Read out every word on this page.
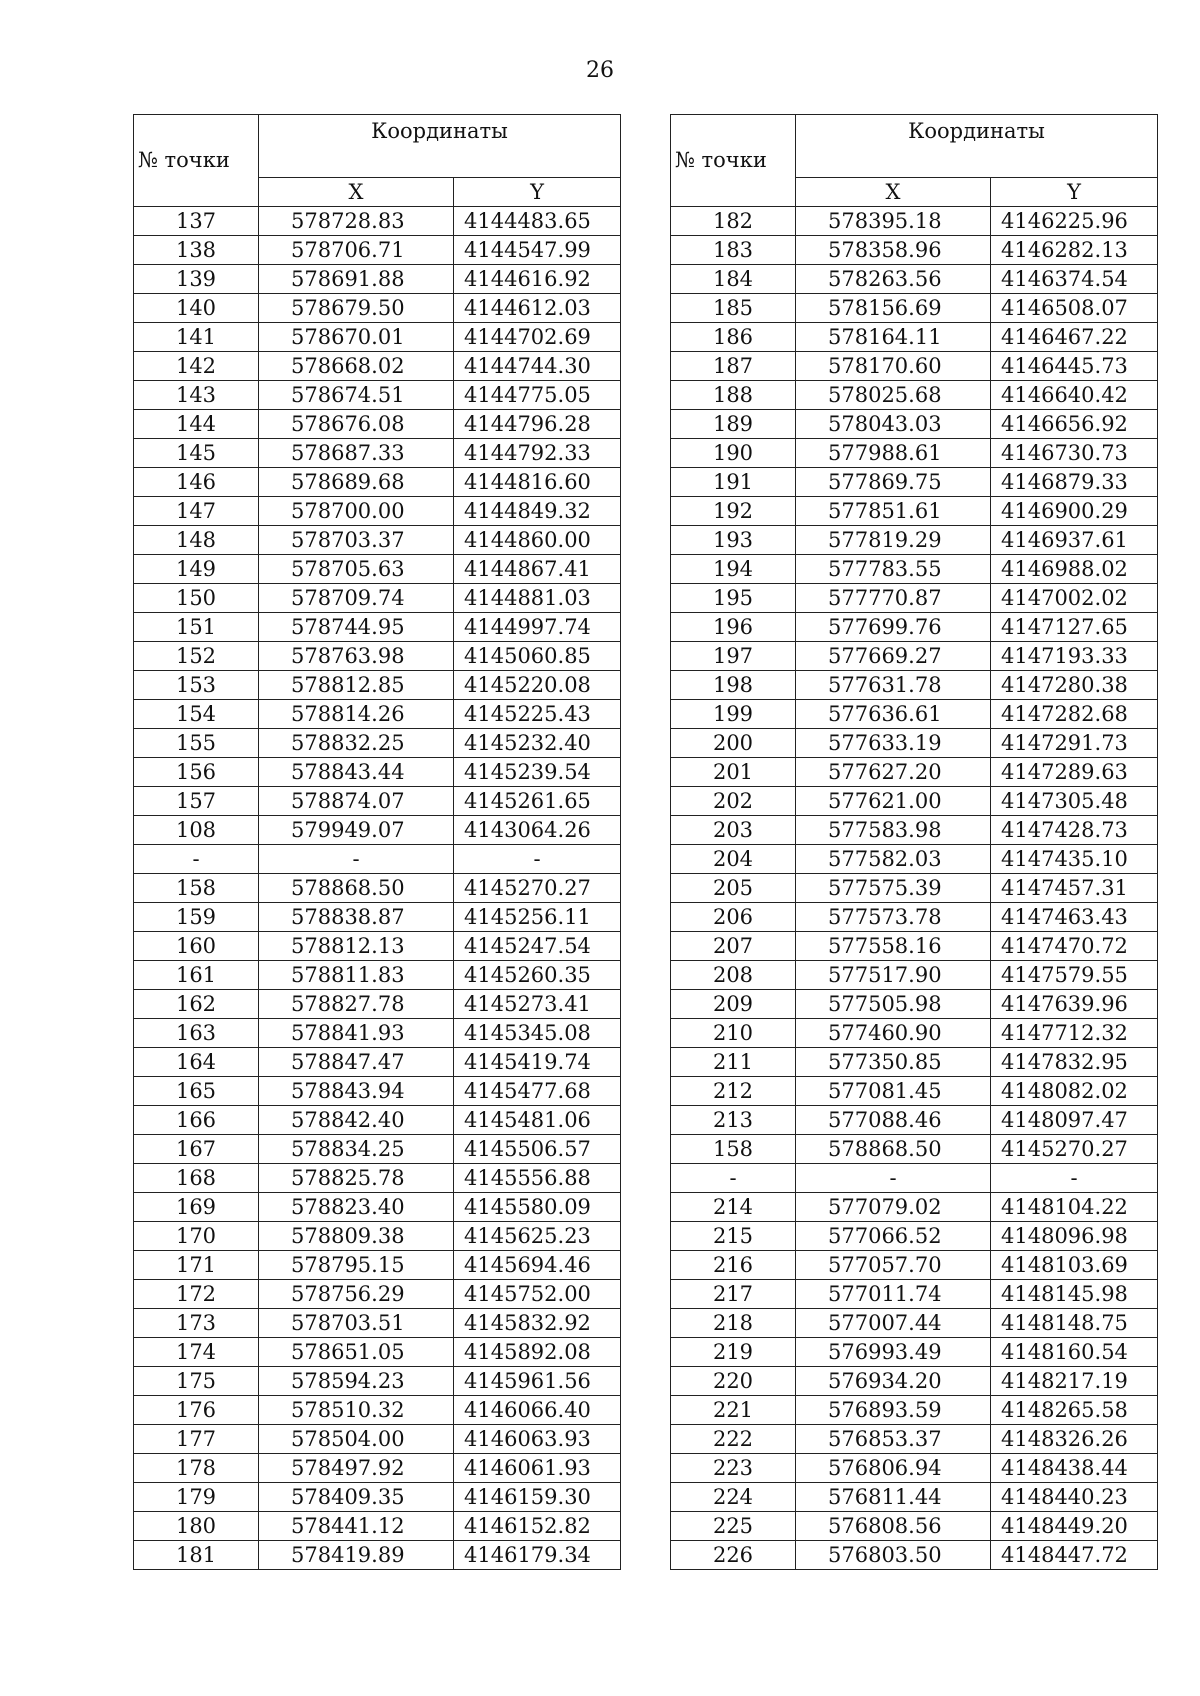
26
№ точки	Координаты	
	X	Y
137	578728.83	4144483.65
138	578706.71	4144547.99
139	578691.88	4144616.92
140	578679.50	4144612.03
141	578670.01	4144702.69
142	578668.02	4144744.30
143	578674.51	4144775.05
144	578676.08	4144796.28
145	578687.33	4144792.33
146	578689.68	4144816.60
147	578700.00	4144849.32
148	578703.37	4144860.00
149	578705.63	4144867.41
150	578709.74	4144881.03
151	578744.95	4144997.74
152	578763.98	4145060.85
153	578812.85	4145220.08
154	578814.26	4145225.43
155	578832.25	4145232.40
156	578843.44	4145239.54
157	578874.07	4145261.65
108	579949.07	4143064.26
-	-	-
158	578868.50	4145270.27
159	578838.87	4145256.11
160	578812.13	4145247.54
161	578811.83	4145260.35
162	578827.78	4145273.41
163	578841.93	4145345.08
164	578847.47	4145419.74
165	578843.94	4145477.68
166	578842.40	4145481.06
167	578834.25	4145506.57
168	578825.78	4145556.88
169	578823.40	4145580.09
170	578809.38	4145625.23
171	578795.15	4145694.46
172	578756.29	4145752.00
173	578703.51	4145832.92
174	578651.05	4145892.08
175	578594.23	4145961.56
176	578510.32	4146066.40
177	578504.00	4146063.93
178	578497.92	4146061.93
179	578409.35	4146159.30
180	578441.12	4146152.82
181	578419.89	4146179.34
№ точки	Координаты	
	X	Y
182	578395.18	4146225.96
183	578358.96	4146282.13
184	578263.56	4146374.54
185	578156.69	4146508.07
186	578164.11	4146467.22
187	578170.60	4146445.73
188	578025.68	4146640.42
189	578043.03	4146656.92
190	577988.61	4146730.73
191	577869.75	4146879.33
192	577851.61	4146900.29
193	577819.29	4146937.61
194	577783.55	4146988.02
195	577770.87	4147002.02
196	577699.76	4147127.65
197	577669.27	4147193.33
198	577631.78	4147280.38
199	577636.61	4147282.68
200	577633.19	4147291.73
201	577627.20	4147289.63
202	577621.00	4147305.48
203	577583.98	4147428.73
204	577582.03	4147435.10
205	577575.39	4147457.31
206	577573.78	4147463.43
207	577558.16	4147470.72
208	577517.90	4147579.55
209	577505.98	4147639.96
210	577460.90	4147712.32
211	577350.85	4147832.95
212	577081.45	4148082.02
213	577088.46	4148097.47
158	578868.50	4145270.27
-	-	-
214	577079.02	4148104.22
215	577066.52	4148096.98
216	577057.70	4148103.69
217	577011.74	4148145.98
218	577007.44	4148148.75
219	576993.49	4148160.54
220	576934.20	4148217.19
221	576893.59	4148265.58
222	576853.37	4148326.26
223	576806.94	4148438.44
224	576811.44	4148440.23
225	576808.56	4148449.20
226	576803.50	4148447.72
